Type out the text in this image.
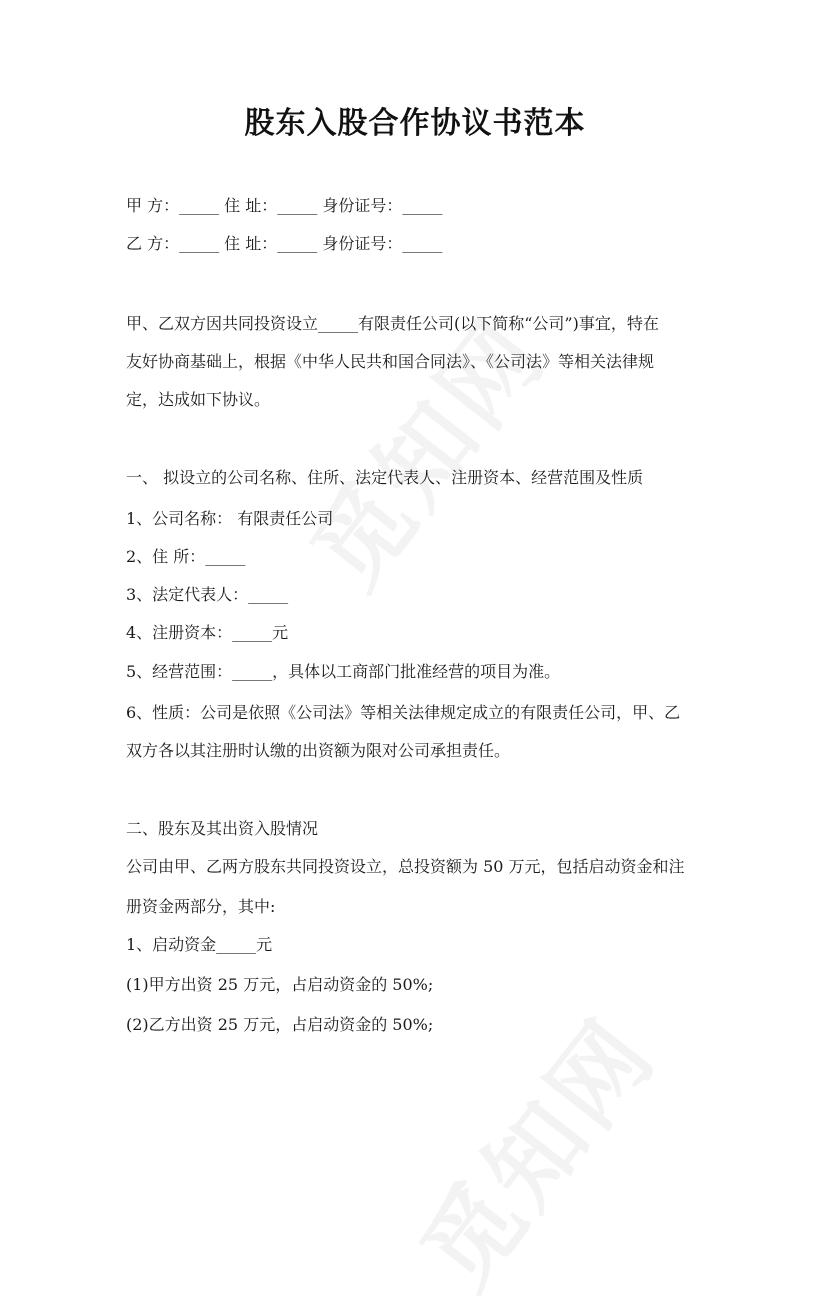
股东入股合作协议书范本
甲 方：_____ 住 址：_____ 身份证号：_____
乙 方：_____ 住 址：_____ 身份证号：_____
甲、乙双方因共同投资设立_____有限责任公司(以下简称“公司”)事宜，特在
友好协商基础上，根据《中华人民共和国合同法》、《公司法》等相关法律规
定，达成如下协议。
一、 拟设立的公司名称、住所、法定代表人、注册资本、经营范围及性质
1、公司名称： 有限责任公司
2、住 所：_____
3、法定代表人：_____
4、注册资本：_____元
5、经营范围：_____，具体以工商部门批准经营的项目为准。
6、性质：公司是依照《公司法》等相关法律规定成立的有限责任公司，甲、乙
双方各以其注册时认缴的出资额为限对公司承担责任。
二、股东及其出资入股情况
公司由甲、乙两方股东共同投资设立，总投资额为 50 万元，包括启动资金和注
册资金两部分，其中:
1、启动资金_____元
(1)甲方出资 25 万元，占启动资金的 50%;
(2)乙方出资 25 万元，占启动资金的 50%;
